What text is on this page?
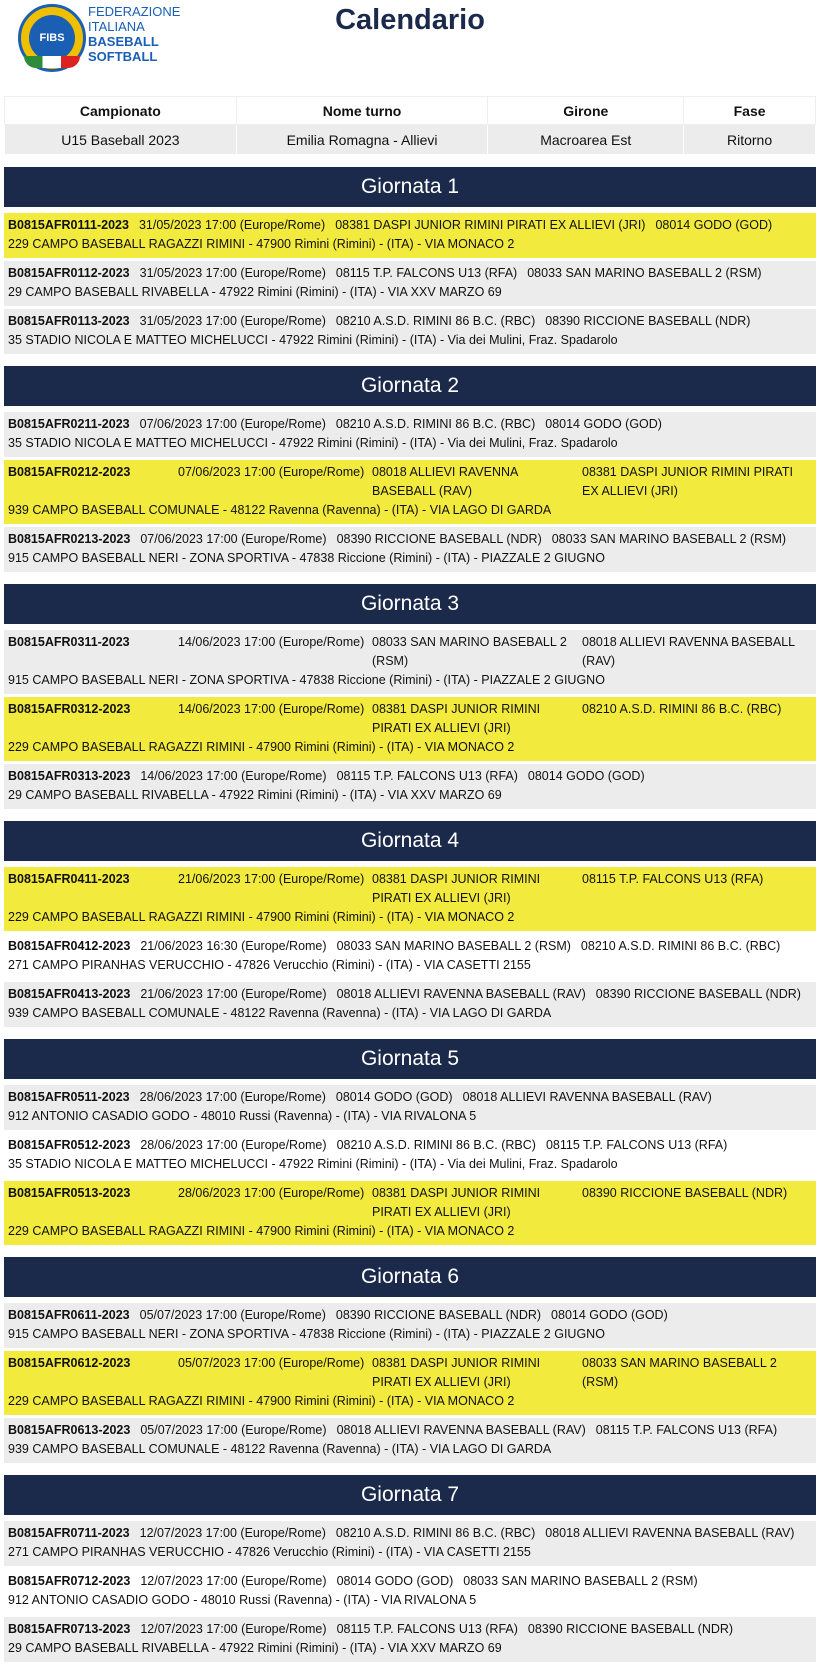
FIBS
FEDERAZIONE
ITALIANA
BASEBALL
SOFTBALL
Calendario
Campionato	Nome turno	Girone	Fase
U15 Baseball 2023	Emilia Romagna - Allievi	Macroarea Est	Ritorno
Giornata 1
B0815AFR0111-2023 31/05/2023 17:00 (Europe/Rome) 08381 DASPI JUNIOR RIMINI PIRATI EX ALLIEVI (JRI) 08014 GODO (GOD)
229 CAMPO BASEBALL RAGAZZI RIMINI - 47900 Rimini (Rimini) - (ITA) - VIA MONACO 2
B0815AFR0112-2023 31/05/2023 17:00 (Europe/Rome) 08115 T.P. FALCONS U13 (RFA) 08033 SAN MARINO BASEBALL 2 (RSM)
29 CAMPO BASEBALL RIVABELLA - 47922 Rimini (Rimini) - (ITA) - VIA XXV MARZO 69
B0815AFR0113-2023 31/05/2023 17:00 (Europe/Rome) 08210 A.S.D. RIMINI 86 B.C. (RBC) 08390 RICCIONE BASEBALL (NDR)
35 STADIO NICOLA E MATTEO MICHELUCCI - 47922 Rimini (Rimini) - (ITA) - Via dei Mulini, Fraz. Spadarolo
Giornata 2
B0815AFR0211-2023 07/06/2023 17:00 (Europe/Rome) 08210 A.S.D. RIMINI 86 B.C. (RBC) 08014 GODO (GOD)
35 STADIO NICOLA E MATTEO MICHELUCCI - 47922 Rimini (Rimini) - (ITA) - Via dei Mulini, Fraz. Spadarolo
B0815AFR0212-2023	07/06/2023 17:00 (Europe/Rome) 08018 ALLIEVI RAVENNA BASEBALL (RAV)
08381 DASPI JUNIOR RIMINI PIRATI EX ALLIEVI (JRI)
939 CAMPO BASEBALL COMUNALE - 48122 Ravenna (Ravenna) - (ITA) - VIA LAGO DI GARDA
B0815AFR0213-2023 07/06/2023 17:00 (Europe/Rome) 08390 RICCIONE BASEBALL (NDR) 08033 SAN MARINO BASEBALL 2 (RSM)
915 CAMPO BASEBALL NERI - ZONA SPORTIVA - 47838 Riccione (Rimini) - (ITA) - PIAZZALE 2 GIUGNO
Giornata 3
B0815AFR0311-2023	14/06/2023 17:00 (Europe/Rome) 08033 SAN MARINO BASEBALL 2 (RSM)
08018 ALLIEVI RAVENNA BASEBALL (RAV)
915 CAMPO BASEBALL NERI - ZONA SPORTIVA - 47838 Riccione (Rimini) - (ITA) - PIAZZALE 2 GIUGNO
B0815AFR0312-2023	14/06/2023 17:00 (Europe/Rome) 08381 DASPI JUNIOR RIMINI PIRATI EX ALLIEVI (JRI)
08210 A.S.D. RIMINI 86 B.C. (RBC)
229 CAMPO BASEBALL RAGAZZI RIMINI - 47900 Rimini (Rimini) - (ITA) - VIA MONACO 2
B0815AFR0313-2023 14/06/2023 17:00 (Europe/Rome) 08115 T.P. FALCONS U13 (RFA) 08014 GODO (GOD)
29 CAMPO BASEBALL RIVABELLA - 47922 Rimini (Rimini) - (ITA) - VIA XXV MARZO 69
Giornata 4
B0815AFR0411-2023	21/06/2023 17:00 (Europe/Rome) 08381 DASPI JUNIOR RIMINI PIRATI EX ALLIEVI (JRI)
08115 T.P. FALCONS U13 (RFA)
229 CAMPO BASEBALL RAGAZZI RIMINI - 47900 Rimini (Rimini) - (ITA) - VIA MONACO 2
B0815AFR0412-2023 21/06/2023 16:30 (Europe/Rome) 08033 SAN MARINO BASEBALL 2 (RSM) 08210 A.S.D. RIMINI 86 B.C. (RBC)
271 CAMPO PIRANHAS VERUCCHIO - 47826 Verucchio (Rimini) - (ITA) - VIA CASETTI 2155
B0815AFR0413-2023 21/06/2023 17:00 (Europe/Rome) 08018 ALLIEVI RAVENNA BASEBALL (RAV) 08390 RICCIONE BASEBALL (NDR)
939 CAMPO BASEBALL COMUNALE - 48122 Ravenna (Ravenna) - (ITA) - VIA LAGO DI GARDA
Giornata 5
B0815AFR0511-2023 28/06/2023 17:00 (Europe/Rome) 08014 GODO (GOD) 08018 ALLIEVI RAVENNA BASEBALL (RAV)
912 ANTONIO CASADIO GODO - 48010 Russi (Ravenna) - (ITA) - VIA RIVALONA 5
B0815AFR0512-2023 28/06/2023 17:00 (Europe/Rome) 08210 A.S.D. RIMINI 86 B.C. (RBC) 08115 T.P. FALCONS U13 (RFA)
35 STADIO NICOLA E MATTEO MICHELUCCI - 47922 Rimini (Rimini) - (ITA) - Via dei Mulini, Fraz. Spadarolo
B0815AFR0513-2023	28/06/2023 17:00 (Europe/Rome) 08381 DASPI JUNIOR RIMINI PIRATI EX ALLIEVI (JRI)
08390 RICCIONE BASEBALL (NDR)
229 CAMPO BASEBALL RAGAZZI RIMINI - 47900 Rimini (Rimini) - (ITA) - VIA MONACO 2
Giornata 6
B0815AFR0611-2023 05/07/2023 17:00 (Europe/Rome) 08390 RICCIONE BASEBALL (NDR) 08014 GODO (GOD)
915 CAMPO BASEBALL NERI - ZONA SPORTIVA - 47838 Riccione (Rimini) - (ITA) - PIAZZALE 2 GIUGNO
B0815AFR0612-2023	05/07/2023 17:00 (Europe/Rome) 08381 DASPI JUNIOR RIMINI PIRATI EX ALLIEVI (JRI)
08033 SAN MARINO BASEBALL 2 (RSM)
229 CAMPO BASEBALL RAGAZZI RIMINI - 47900 Rimini (Rimini) - (ITA) - VIA MONACO 2
B0815AFR0613-2023 05/07/2023 17:00 (Europe/Rome) 08018 ALLIEVI RAVENNA BASEBALL (RAV) 08115 T.P. FALCONS U13 (RFA)
939 CAMPO BASEBALL COMUNALE - 48122 Ravenna (Ravenna) - (ITA) - VIA LAGO DI GARDA
Giornata 7
B0815AFR0711-2023 12/07/2023 17:00 (Europe/Rome) 08210 A.S.D. RIMINI 86 B.C. (RBC) 08018 ALLIEVI RAVENNA BASEBALL (RAV)
271 CAMPO PIRANHAS VERUCCHIO - 47826 Verucchio (Rimini) - (ITA) - VIA CASETTI 2155
B0815AFR0712-2023 12/07/2023 17:00 (Europe/Rome) 08014 GODO (GOD) 08033 SAN MARINO BASEBALL 2 (RSM)
912 ANTONIO CASADIO GODO - 48010 Russi (Ravenna) - (ITA) - VIA RIVALONA 5
B0815AFR0713-2023 12/07/2023 17:00 (Europe/Rome) 08115 T.P. FALCONS U13 (RFA) 08390 RICCIONE BASEBALL (NDR)
29 CAMPO BASEBALL RIVABELLA - 47922 Rimini (Rimini) - (ITA) - VIA XXV MARZO 69
